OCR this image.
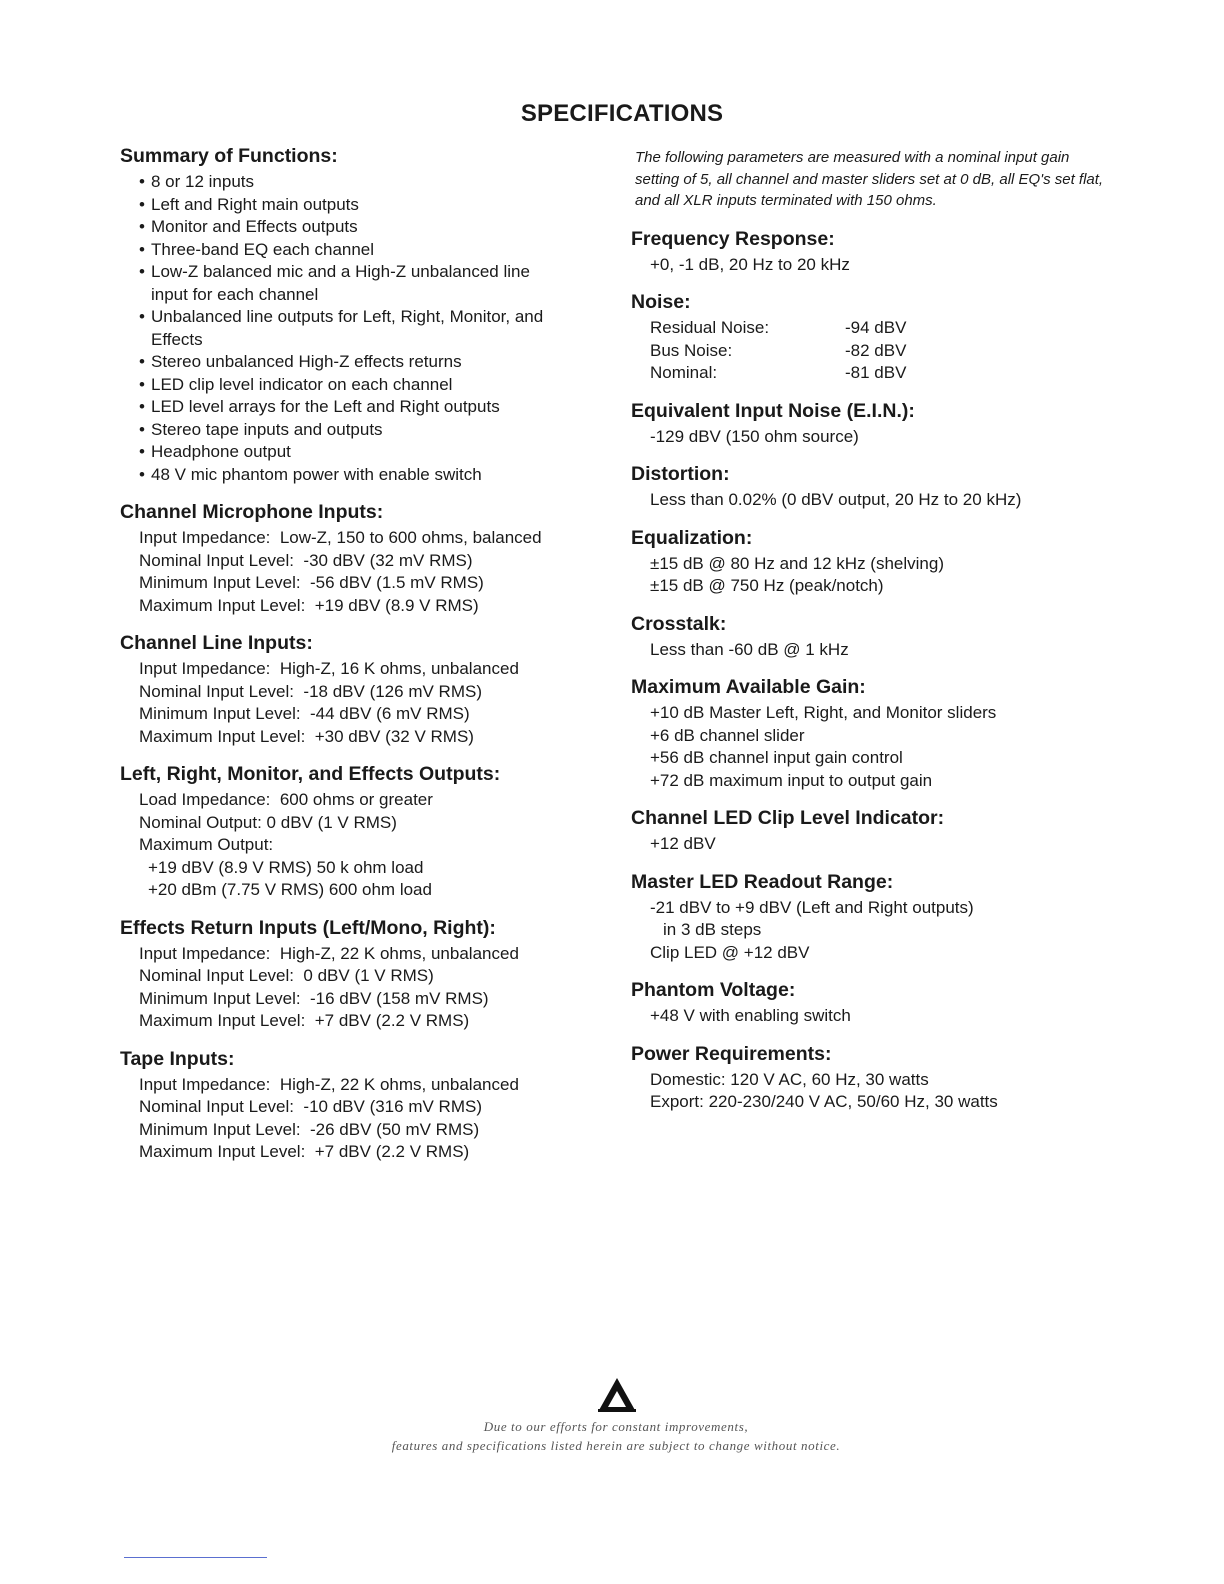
SPECIFICATIONS
Summary of Functions:
• 8 or 12 inputs
• Left and Right main outputs
• Monitor and Effects outputs
• Three-band EQ each channel
• Low-Z balanced mic and a High-Z unbalanced line input for each channel
• Unbalanced line outputs for Left, Right, Monitor, and Effects
• Stereo unbalanced High-Z effects returns
• LED clip level indicator on each channel
• LED level arrays for the Left and Right outputs
• Stereo tape inputs and outputs
• Headphone output
• 48 V mic phantom power with enable switch
Channel Microphone Inputs:
Input Impedance:  Low-Z, 150 to 600 ohms, balanced
Nominal Input Level:  -30 dBV (32 mV RMS)
Minimum Input Level:  -56 dBV (1.5 mV RMS)
Maximum Input Level:  +19 dBV (8.9 V RMS)
Channel Line Inputs:
Input Impedance:  High-Z, 16 K ohms, unbalanced
Nominal Input Level:  -18 dBV (126 mV RMS)
Minimum Input Level:  -44 dBV (6 mV RMS)
Maximum Input Level:  +30 dBV (32 V RMS)
Left, Right, Monitor, and Effects Outputs:
Load Impedance:  600 ohms or greater
Nominal Output: 0 dBV (1 V RMS)
Maximum Output:
+19 dBV (8.9 V RMS) 50 k ohm load
+20 dBm (7.75 V RMS) 600 ohm load
Effects Return Inputs (Left/Mono, Right):
Input Impedance:  High-Z, 22 K ohms, unbalanced
Nominal Input Level:  0 dBV (1 V RMS)
Minimum Input Level:  -16 dBV (158 mV RMS)
Maximum Input Level:  +7 dBV (2.2 V RMS)
Tape Inputs:
Input Impedance:  High-Z, 22 K ohms, unbalanced
Nominal Input Level:  -10 dBV (316 mV RMS)
Minimum Input Level:  -26 dBV (50 mV RMS)
Maximum Input Level:  +7 dBV (2.2 V RMS)
The following parameters are measured with a nominal input gain setting of 5, all channel and master sliders set at 0 dB, all EQ's set flat, and all XLR inputs terminated with 150 ohms.
Frequency Response:
+0, -1 dB, 20 Hz to 20 kHz
Noise:
Residual Noise:	-94 dBV
Bus Noise:	-82 dBV
Nominal:	-81 dBV
Equivalent Input Noise (E.I.N.):
-129 dBV (150 ohm source)
Distortion:
Less than 0.02% (0 dBV output, 20 Hz to 20 kHz)
Equalization:
±15 dB @ 80 Hz and 12 kHz (shelving)
±15 dB @ 750 Hz (peak/notch)
Crosstalk:
Less than -60 dB @ 1 kHz
Maximum Available Gain:
+10 dB Master Left, Right, and Monitor sliders
+6 dB channel slider
+56 dB channel input gain control
+72 dB maximum input to output gain
Channel LED Clip Level Indicator:
+12 dBV
Master LED Readout Range:
-21 dBV to +9 dBV (Left and Right outputs)
in 3 dB steps
Clip LED @ +12 dBV
Phantom Voltage:
+48 V with enabling switch
Power Requirements:
Domestic: 120 V AC, 60 Hz, 30 watts
Export: 220-230/240 V AC, 50/60 Hz, 30 watts
Due to our efforts for constant improvements,
features and specifications listed herein are subject to change without notice.
